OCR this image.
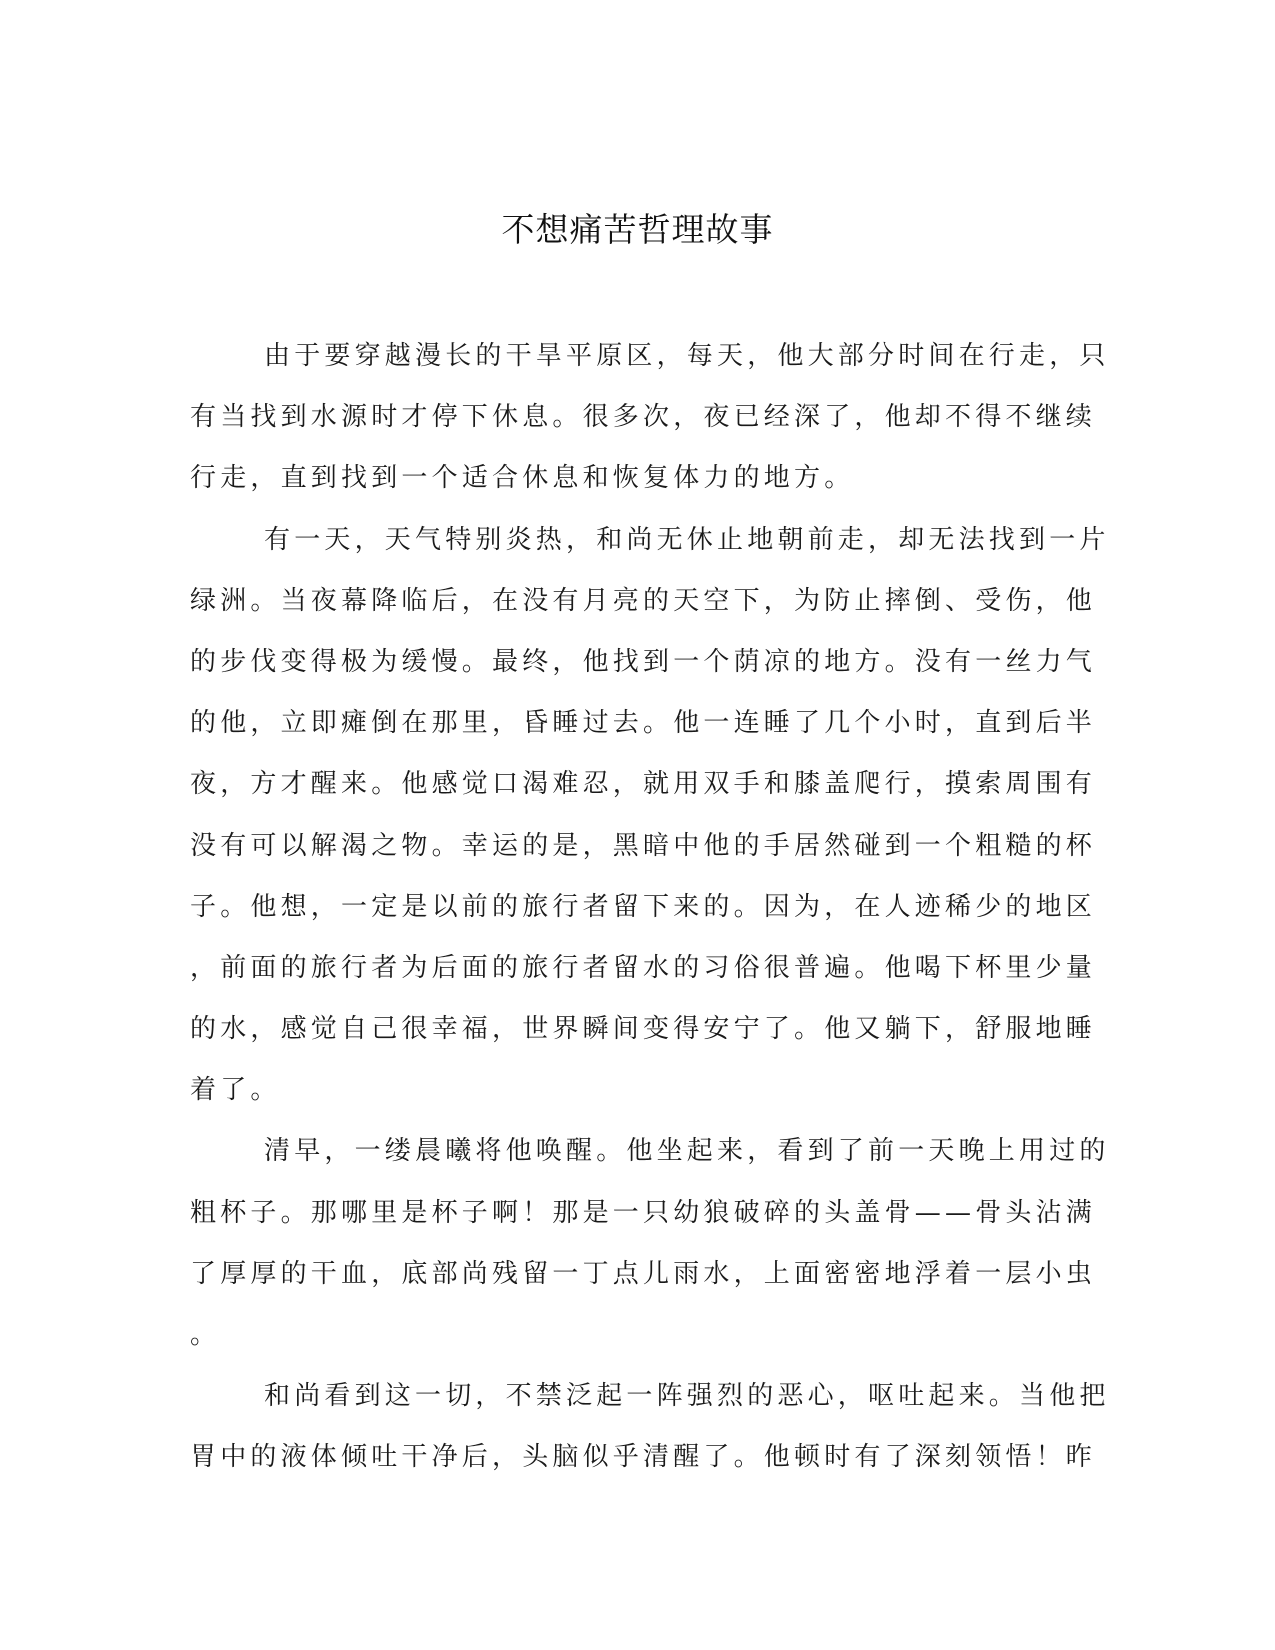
不想痛苦哲理故事
由于要穿越漫长的干旱平原区，每天，他大部分时间在行走，只
有当找到水源时才停下休息。很多次，夜已经深了，他却不得不继续
行走，直到找到一个适合休息和恢复体力的地方。
有一天，天气特别炎热，和尚无休止地朝前走，却无法找到一片
绿洲。当夜幕降临后，在没有月亮的天空下，为防止摔倒、受伤，他
的步伐变得极为缓慢。最终，他找到一个荫凉的地方。没有一丝力气
的他，立即瘫倒在那里，昏睡过去。他一连睡了几个小时，直到后半
夜，方才醒来。他感觉口渴难忍，就用双手和膝盖爬行，摸索周围有
没有可以解渴之物。幸运的是，黑暗中他的手居然碰到一个粗糙的杯
子。他想，一定是以前的旅行者留下来的。因为，在人迹稀少的地区
，前面的旅行者为后面的旅行者留水的习俗很普遍。他喝下杯里少量
的水，感觉自己很幸福，世界瞬间变得安宁了。他又躺下，舒服地睡
着了。
清早，一缕晨曦将他唤醒。他坐起来，看到了前一天晚上用过的
粗杯子。那哪里是杯子啊！那是一只幼狼破碎的头盖骨——骨头沾满
了厚厚的干血，底部尚残留一丁点儿雨水，上面密密地浮着一层小虫
。
和尚看到这一切，不禁泛起一阵强烈的恶心，呕吐起来。当他把
胃中的液体倾吐干净后，头脑似乎清醒了。他顿时有了深刻领悟！昨
